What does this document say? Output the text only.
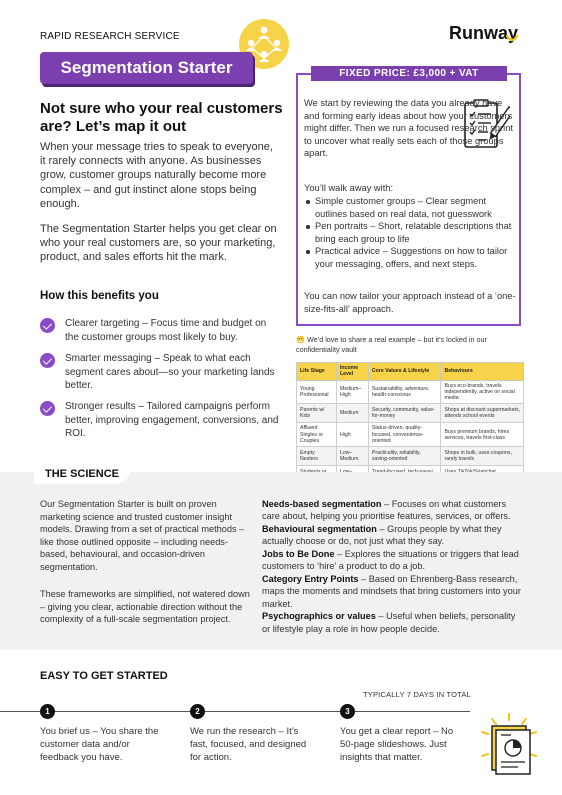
RAPID RESEARCH SERVICE	Runway
Segmentation Starter
Not sure who your real customers are? Let’s map it out
When your message tries to speak to everyone, it rarely connects with anyone. As businesses grow, customer groups naturally become more complex – and gut instinct alone stops being enough.
The Segmentation Starter helps you get clear on who your real customers are, so your marketing, product, and sales efforts hit the mark.
How this benefits you
Clearer targeting – Focus time and budget on the customer groups most likely to buy.
Smarter messaging – Speak to what each segment cares about—so your marketing lands better.
Stronger results – Tailored campaigns perform better, improving engagement, conversions, and ROI.
FIXED PRICE: £3,000 + VAT
We start by reviewing the data you already have and forming early ideas about how your customers might differ. Then we run a focused research sprint to uncover what really sets each of those groups apart.
You’ll walk away with:
Simple customer groups – Clear segment outlines based on real data, not guesswork
Pen portraits – Short, relatable descriptions that bring each group to life
Practical advice – Suggestions on how to tailor your messaging, offers, and next steps.
You can now tailor your approach instead of a ‘one-size-fits-all’ approach.
😬 We’d love to share a real example – but it’s locked in our confidentiality vault
Life Stage	Income Level	Core Values & Lifestyle	Behaviours
Young Professional	Medium–High	Sustainability, adventure, health-conscious	Buys eco-brands, travels independently, active on social media
Parents w/ Kids	Medium	Security, community, value-for-money	Shops at discount supermarkets, attends school events
Affluent Singles or Couples	High	Status-driven, quality-focused, convenience-oriented	Buys premium brands, hires services, travels first-class
Empty Nesters	Low–Medium	Practicality, reliability, saving-oriented	Shops in bulk, uses coupons, rarely travels

THE SCIENCE
Our Segmentation Starter is built on proven marketing science and trusted customer insight models. Drawing from a set of practical methods – like those outlined opposite – including needs-based, behavioural, and occasion-driven segmentation.
These frameworks are simplified, not watered down – giving you clear, actionable direction without the complexity of a full-scale segmentation project.
Needs-based segmentation – Focuses on what customers care about, helping you prioritise features, services, or offers.
Behavioural segmentation – Groups people by what they actually choose or do, not just what they say.
Jobs to Be Done – Explores the situations or triggers that lead customers to ‘hire’ a product to do a job.
Category Entry Points – Based on Ehrenberg-Bass research, maps the moments and mindsets that bring customers into your market.
Psychographics or values – Useful when beliefs, personality or lifestyle play a role in how people decide.
EASY TO GET STARTED
TYPICALLY 7 DAYS IN TOTAL
1	2	3
You brief us – You share the customer data and/or feedback you have.
We run the research – It’s fast, focused, and designed for action.
You get a clear report – No 50-page slideshows. Just insights that matter.
